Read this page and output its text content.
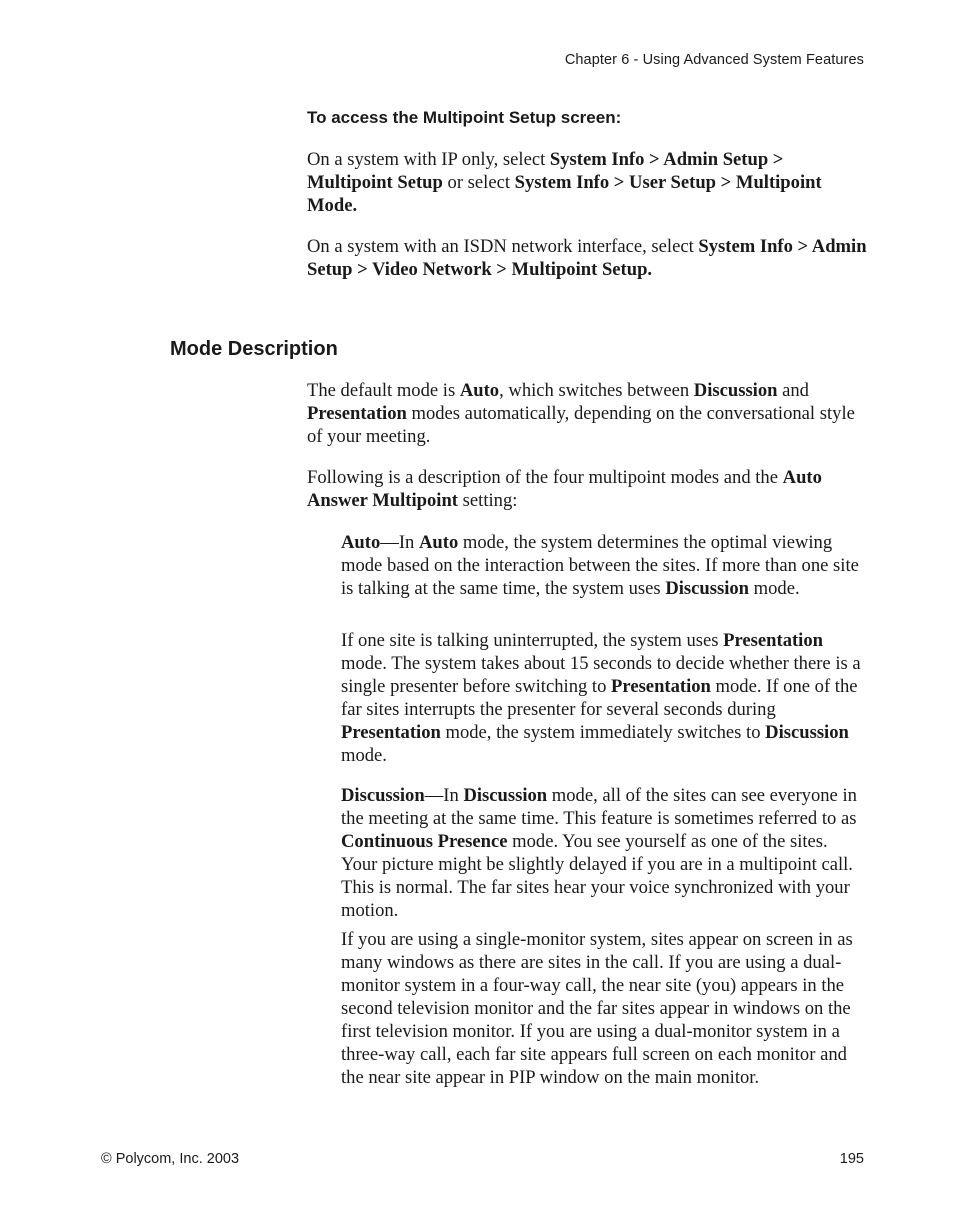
Chapter 6 - Using Advanced System Features
To access the Multipoint Setup screen:

On a system with IP only, select System Info > Admin Setup > Multipoint Setup or select System Info > User Setup > Multipoint Mode.

On a system with an ISDN network interface, select System Info > Admin Setup > Video Network > Multipoint Setup.

Mode Description

The default mode is Auto, which switches between Discussion and Presentation modes automatically, depending on the conversational style of your meeting.

Following is a description of the four multipoint modes and the Auto Answer Multipoint setting:

Auto—In Auto mode, the system determines the optimal viewing mode based on the interaction between the sites. If more than one site is talking at the same time, the system uses Discussion mode.

If one site is talking uninterrupted, the system uses Presentation mode. The system takes about 15 seconds to decide whether there is a single presenter before switching to Presentation mode. If one of the far sites interrupts the presenter for several seconds during Presentation mode, the system immediately switches to Discussion mode.

Discussion—In Discussion mode, all of the sites can see everyone in the meeting at the same time. This feature is sometimes referred to as Continuous Presence mode. You see yourself as one of the sites. Your picture might be slightly delayed if you are in a multipoint call. This is normal. The far sites hear your voice synchronized with your motion.

If you are using a single-monitor system, sites appear on screen in as many windows as there are sites in the call. If you are using a dual-monitor system in a four-way call, the near site (you) appears in the second television monitor and the far sites appear in windows on the first television monitor. If you are using a dual-monitor system in a three-way call, each far site appears full screen on each monitor and the near site appear in PIP window on the main monitor.

© Polycom, Inc. 2003	195
